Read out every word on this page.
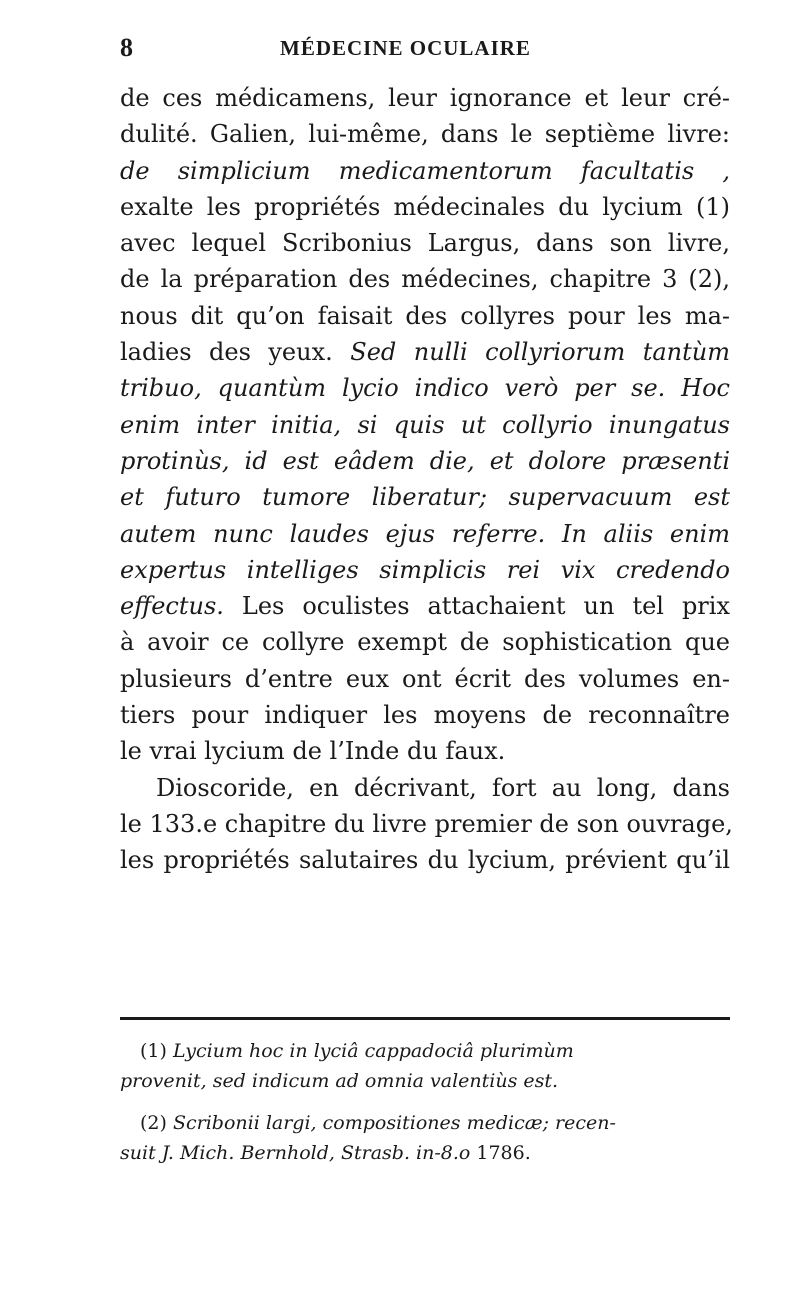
8	MÉDECINE OCULAIRE
de ces médicamens, leur ignorance et leur cré-
dulité. Galien, lui-même, dans le septième livre:
de simplicium medicamentorum facultatis ,
exalte les propriétés médecinales du lycium (1)
avec lequel Scribonius Largus, dans son livre,
de la préparation des médecines, chapitre 3 (2),
nous dit qu’on faisait des collyres pour les ma-
ladies des yeux. Sed nulli collyriorum tantùm
tribuo, quantùm lycio indico verò per se. Hoc
enim inter initia, si quis ut collyrio inungatus
protinùs, id est eâdem die, et dolore præsenti
et futuro tumore liberatur; supervacuum est
autem nunc laudes ejus referre. In aliis enim
expertus intelliges simplicis rei vix credendo
effectus. Les oculistes attachaient un tel prix
à avoir ce collyre exempt de sophistication que
plusieurs d’entre eux ont écrit des volumes en-
tiers pour indiquer les moyens de reconnaître
le vrai lycium de l’Inde du faux.
Dioscoride, en décrivant, fort au long, dans
le 133.e chapitre du livre premier de son ouvrage,
les propriétés salutaires du lycium, prévient qu’il
(1) Lycium hoc in lyciâ cappadociâ plurimùm
provenit, sed indicum ad omnia valentiùs est.
(2) Scribonii largi, compositiones medicæ; recen-
suit J. Mich. Bernhold, Strasb. in-8.o 1786.
